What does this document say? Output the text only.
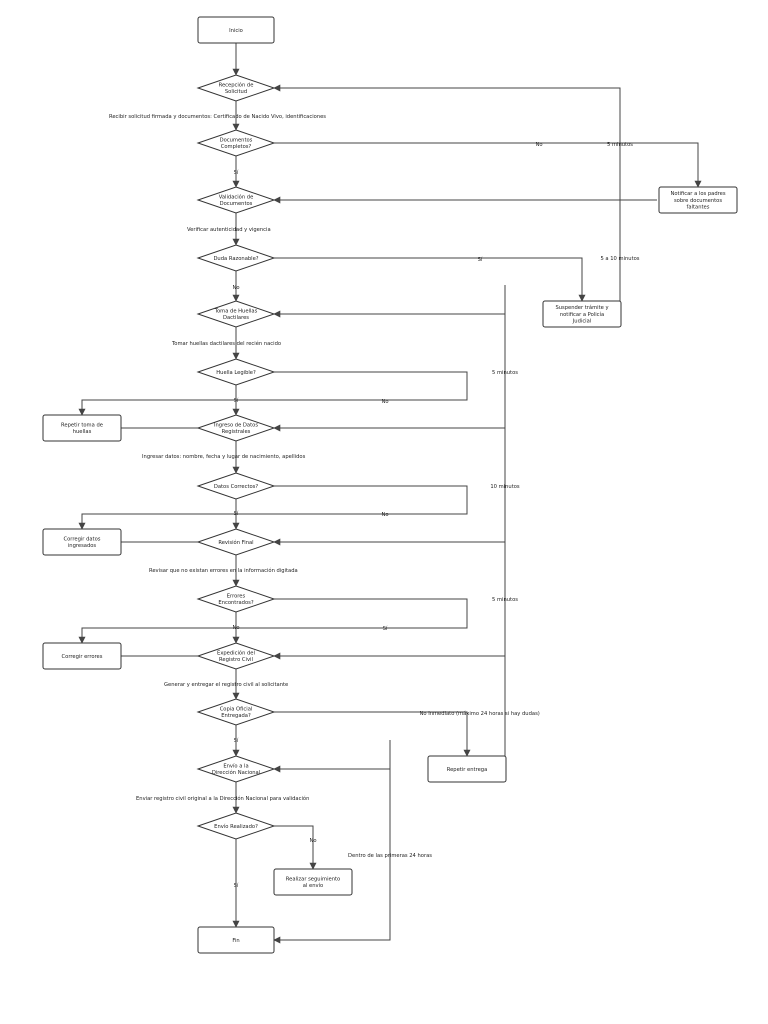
Inicio
Recepción de Solicitud
Documentos Completos?
Notificar a los padres sobre documentos faltantes
Validación de Documentos
Duda Razonable?
Suspender trámite y notificar a Policía Judicial
Toma de Huellas Dactilares
Huella Legible?
Repetir toma de huellas
Ingreso de Datos Registrales
Datos Correctos?
Corregir datos ingresados
Revisión Final
Errores Encontrados?
Corregir errores
Expedición del Registro Civil
Copia Oficial Entregada?
Repetir entrega
Envío a la Dirección Nacional
Envío Realizado?
Realizar seguimiento al envío
Fin
Recibir solicitud firmada y documentos: Certificado de Nacido Vivo, identificaciones
Verificar autenticidad y vigencia
Tomar huellas dactilares del recién nacido
Ingresar datos: nombre, fecha y lugar de nacimiento, apellidos
Revisar que no existan errores en la información digitada
Generar y entregar el registro civil al solicitante
Enviar registro civil original a la Dirección Nacional para validación
No
Sí
Sí
No
Sí	No
Sí	No
No	Sí
No
Sí
No
Sí
5 minutos
5 a 10 minutos
5 minutos
10 minutos
5 minutos
Inmediato (máximo 24 horas si hay dudas)
Dentro de las primeras 24 horas
